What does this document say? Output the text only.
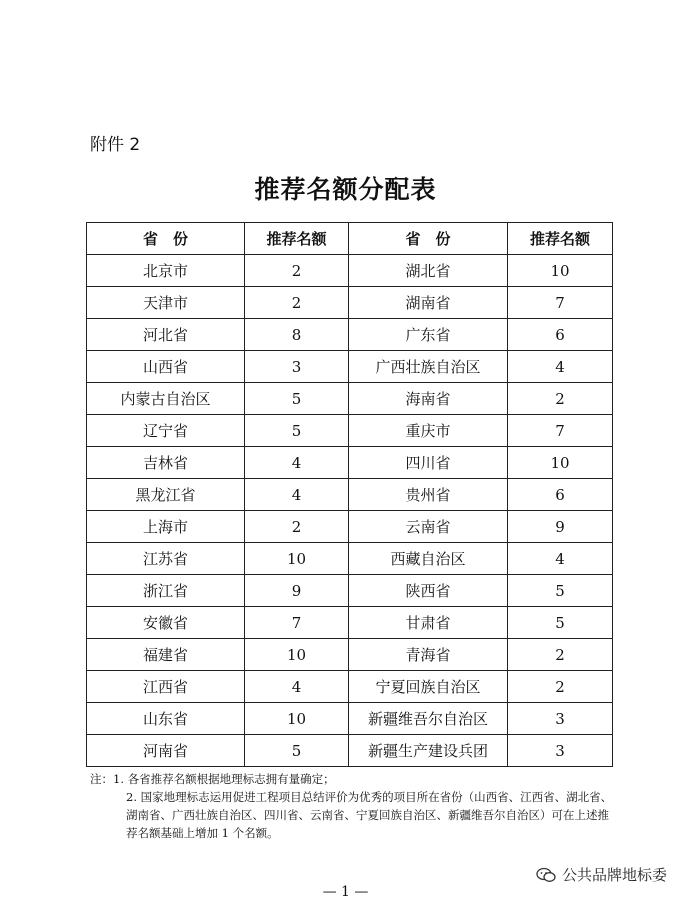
附件 2
推荐名额分配表
省　份	推荐名额	省　份	推荐名额
北京市	2	湖北省	10
天津市	2	湖南省	7
河北省	8	广东省	6
山西省	3	广西壮族自治区	4
内蒙古自治区	5	海南省	2
辽宁省	5	重庆市	7
吉林省	4	四川省	10
黑龙江省	4	贵州省	6
上海市	2	云南省	9
江苏省	10	西藏自治区	4
浙江省	9	陕西省	5
安徽省	7	甘肃省	5
福建省	10	青海省	2
江西省	4	宁夏回族自治区	2
山东省	10	新疆维吾尔自治区	3
河南省	5	新疆生产建设兵团	3

注：1. 各省推荐名额根据地理标志拥有量确定；

2. 国家地理标志运用促进工程项目总结评价为优秀的项目所在省份（山西省、江西省、湖北省、湖南省、广西壮族自治区、四川省、云南省、宁夏回族自治区、新疆维吾尔自治区）可在上述推荐名额基础上增加 1 个名额。

公共品牌地标委
— 1 —
